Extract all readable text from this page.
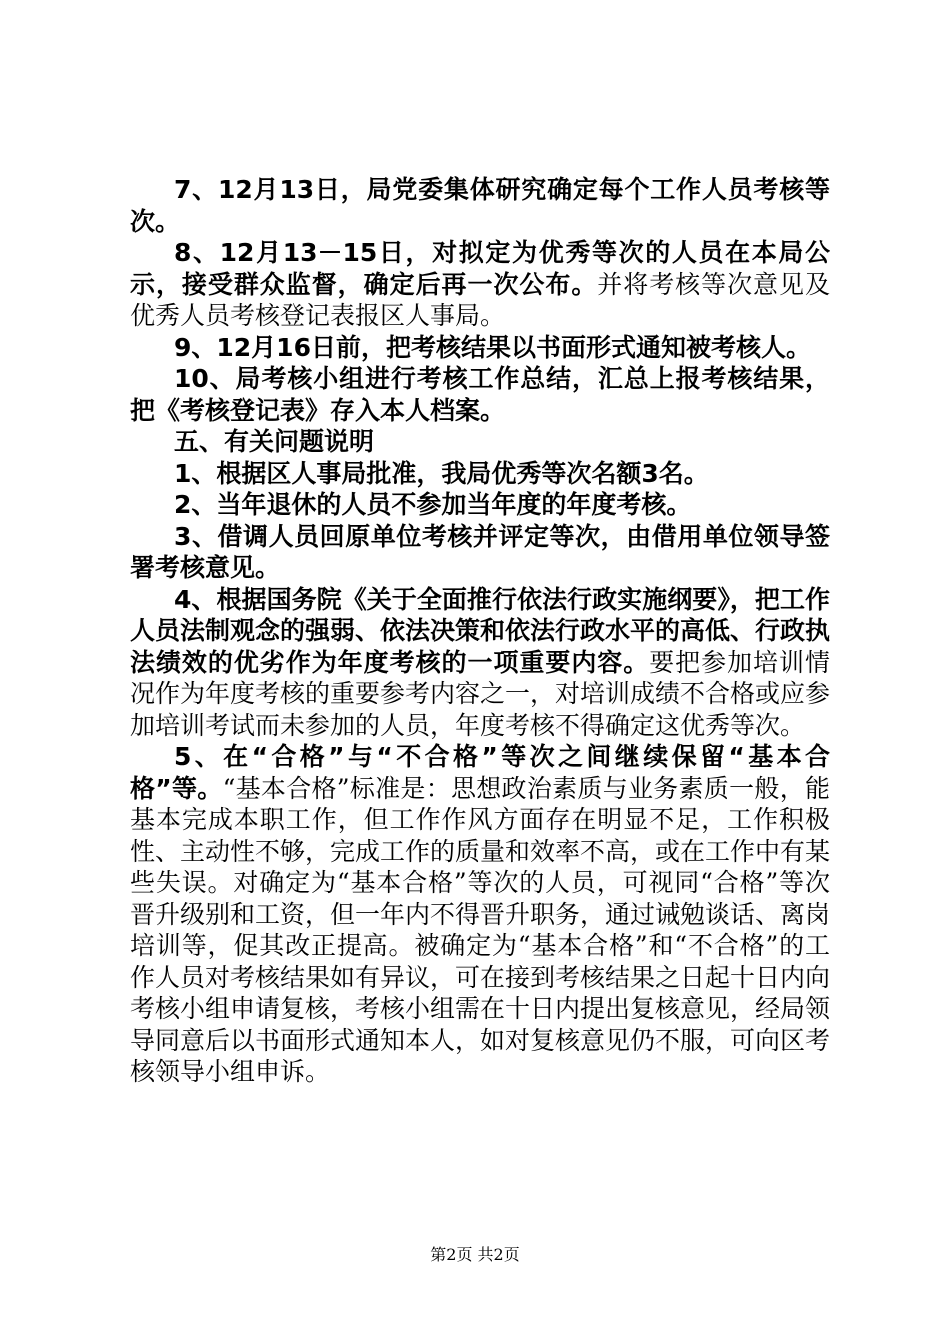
7、12月13日，局党委集体研究确定每个工作人员考核等次。

8、12月13－15日，对拟定为优秀等次的人员在本局公示，接受群众监督，确定后再一次公布。并将考核等次意见及优秀人员考核登记表报区人事局。

9、12月16日前，把考核结果以书面形式通知被考核人。

10、局考核小组进行考核工作总结，汇总上报考核结果，把《考核登记表》存入本人档案。

五、有关问题说明

1、根据区人事局批准，我局优秀等次名额3名。

2、当年退休的人员不参加当年度的年度考核。

3、借调人员回原单位考核并评定等次，由借用单位领导签署考核意见。

4、根据国务院《关于全面推行依法行政实施纲要》，把工作人员法制观念的强弱、依法决策和依法行政水平的高低、行政执法绩效的优劣作为年度考核的一项重要内容。要把参加培训情况作为年度考核的重要参考内容之一，对培训成绩不合格或应参加培训考试而未参加的人员，年度考核不得确定这优秀等次。

5、在“合格”与“不合格”等次之间继续保留“基本合格”等。“基本合格”标准是：思想政治素质与业务素质一般，能基本完成本职工作，但工作作风方面存在明显不足，工作积极性、主动性不够，完成工作的质量和效率不高，或在工作中有某些失误。对确定为“基本合格”等次的人员，可视同“合格”等次晋升级别和工资，但一年内不得晋升职务，通过诫勉谈话、离岗培训等，促其改正提高。被确定为“基本合格”和“不合格”的工作人员对考核结果如有异议，可在接到考核结果之日起十日内向考核小组申请复核，考核小组需在十日内提出复核意见，经局领导同意后以书面形式通知本人，如对复核意见仍不服，可向区考核领导小组申诉。

第2页 共2页
